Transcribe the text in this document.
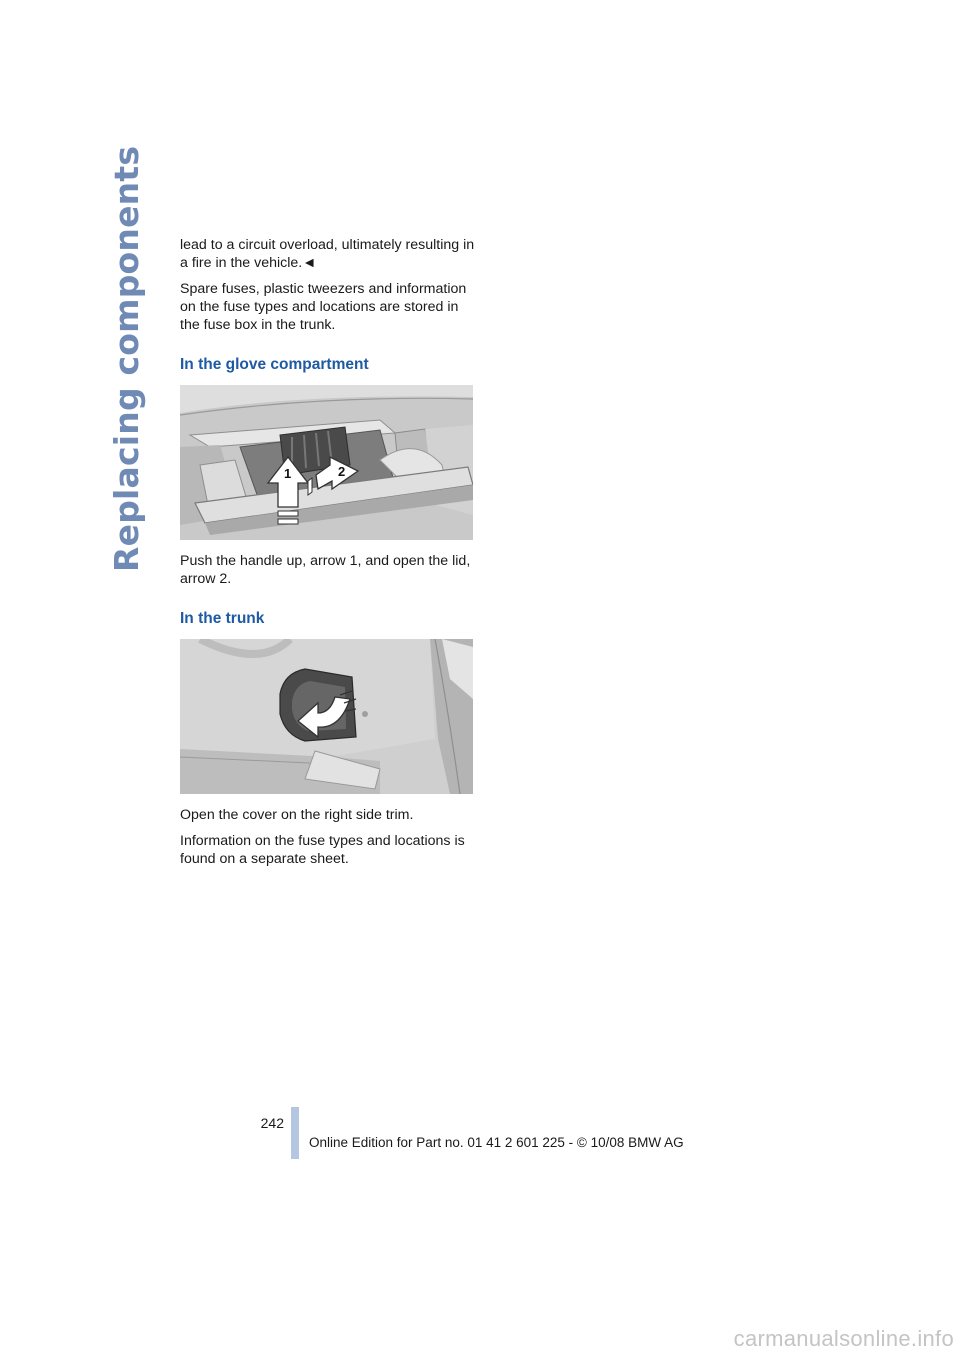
Replacing components lead to a circuit overload, ultimately resulting in a fire in the vehicle.◄

Spare fuses, plastic tweezers and information on the fuse types and locations are stored in the fuse box in the trunk.

In the glove compartment
1	2

Push the handle up, arrow 1, and open the lid, arrow 2.

In the trunk

Open the cover on the right side trim.

Information on the fuse types and locations is found on a separate sheet.

242
Online Edition for Part no. 01 41 2 601 225 - © 10/08 BMW AG
carmanualsonline.info
